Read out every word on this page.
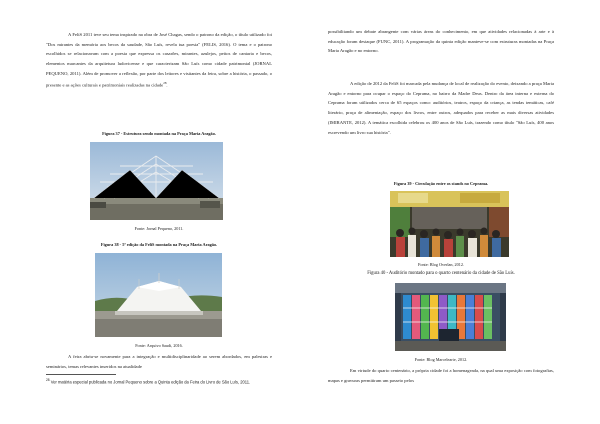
A FeliS 2011 teve seu tema inspirado na obra de José Chagas, sendo o patrono da edição, o título utilizado foi "Dos mirantes da memória aos becos da saudade, São Luís, revela tua poesia" (FELIS, 2016). O tema e o patrono escolhidos se relacionavam com a poesia que expressa os casarões, mirantes, azulejos, peitos de cantaria e becos, elementos marcantes da arquitetura ludovicense e que caracterizam São Luís como cidade patrimonial (JORNAL PEQUENO, 2011). Além de promover a reflexão, por parte dos leitores e visitantes da feira, sobre a história, o passado, o presente e as ações culturais e patrimoniais realizadas na cidade$^{28}$.

Figura 37 - Estrutura sendo montada na Praça Maria Aragão.

Fonte: Jornal Pequeno, 2011.

Figura 38 - 5ª edição da FeliS montada na Praça Maria Aragão.

Fonte: Arquivo Saudi, 2016.

A feira abriu-se novamente para a integração e multidisciplinaridade ao serem abordados, em palestras e seminários, temas relevantes inseridos na atualidade

$^{28}$ Ver matéria especial publicada no Jornal Pequeno sobre a Quinta edição da Feira do Livro de São Luís, 2011.

possibilitando um debate abrangente com várias áreas do conhecimento, em que atividades relacionadas à arte e à educação foram destaque (FUNC, 2011). A programação da quinta edição manteve-se com estruturas montadas na Praça Maria Aragão e no entorno.

A edição de 2012 da FeliS foi marcada pela mudança de local de realização do evento, deixando a praça Maria Aragão e entorno para ocupar o espaço do Ceprama, no bairro da Madre Deus. Dentro da área interna e externa do Ceprama foram utilizados cerca de 65 espaços como: auditórios, teatros, espaço da criança, as tendas temáticas, café literário, praça de alimentação, espaço dos livros, entre outros, adequados para receber as mais diversas atividades (IMIRANTE, 2012). A temática escolhida celebrou os 400 anos de São Luís, trazendo como título "São Luís, 400 anos escrevendo um livro sua história".

Figura 39 - Circulação entre os stands no Ceprama.

Fonte: Blog Overlan, 2012.

Figura 40 - Auditório montado para o quarto centenário da cidade de São Luís.

Fonte: Blog Marcelearte, 2012.

Em virtude do quarto centenário, a própria cidade foi a homenageada, na qual uma exposição com fotografias, mapas e gravuras permitiram um passeio pelos
